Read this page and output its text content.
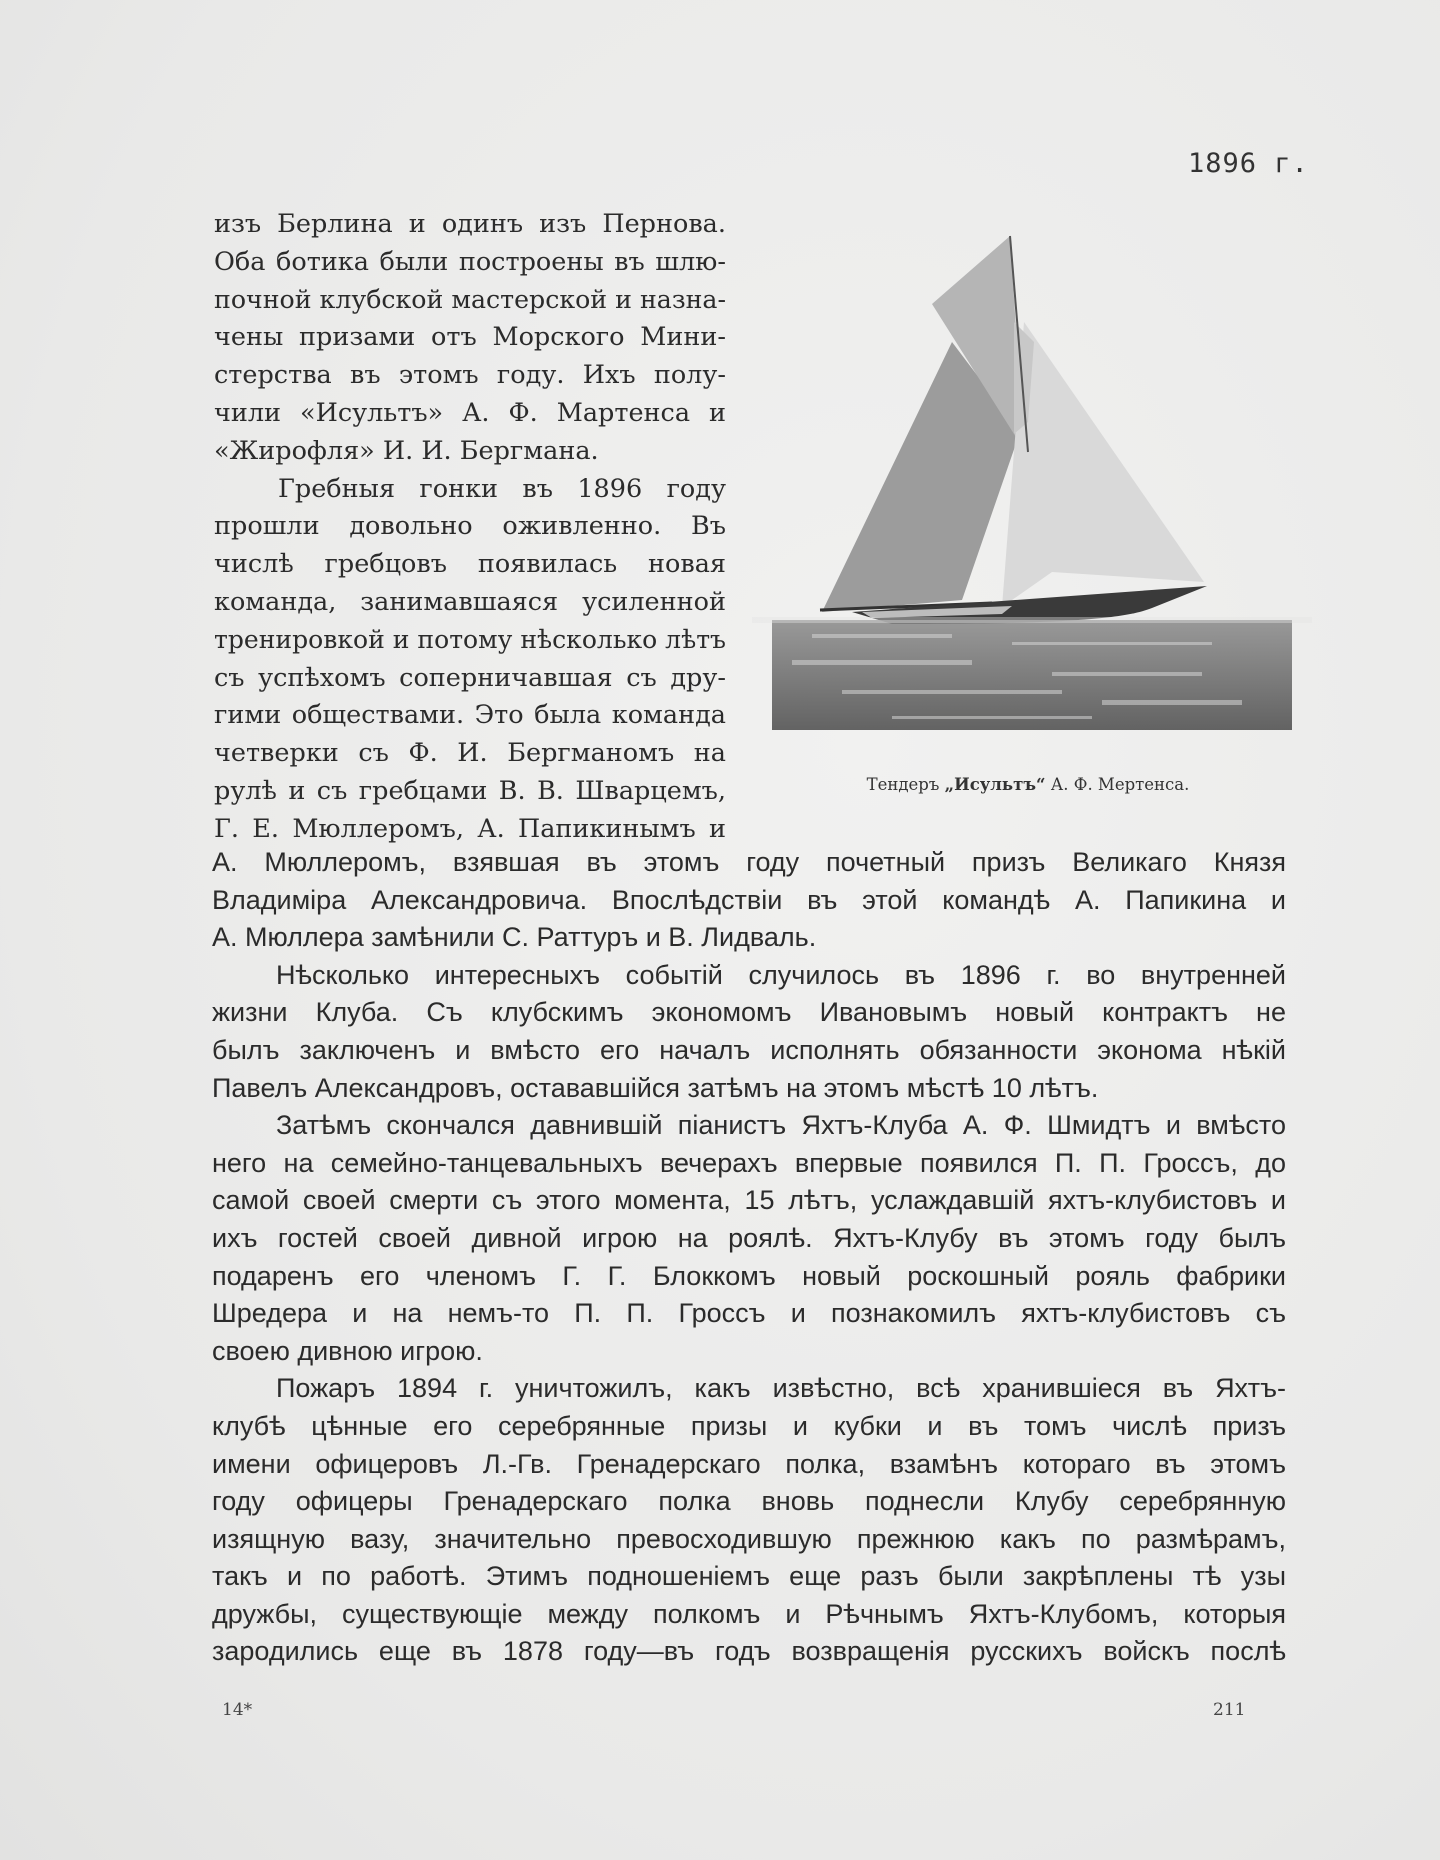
1896 г.
изъ Берлина и одинъ изъ Пернова.
Оба ботика были построены въ шлю-
почной клубской мастерской и назна-
чены призами отъ Морского Мини-
стерства въ этомъ году. Ихъ полу-
чили «Исультъ» А. Ф. Мартенса и
«Жирофля» И. И. Бергмана.
Гребныя гонки въ 1896 году
прошли довольно оживленно. Въ
числѣ гребцовъ появилась новая
команда, занимавшаяся усиленной
тренировкой и потому нѣсколько лѣтъ
съ успѣхомъ соперничавшая съ дру-
гими обществами. Это была команда
четверки съ Ф. И. Бергманомъ на
рулѣ и съ гребцами В. В. Шварцемъ,
Г. Е. Мюллеромъ, А. Папикинымъ и
Тендеръ „Исультъ“ А. Ф. Мертенса.
А. Мюллеромъ, взявшая въ этомъ году почетный призъ Великаго Князя
Владиміра Александровича. Впослѣдствіи въ этой командѣ А. Папикина и
А. Мюллера замѣнили С. Раттуръ и В. Лидваль.
Нѣсколько интересныхъ событій случилось въ 1896 г. во внутренней
жизни Клуба. Съ клубскимъ экономомъ Ивановымъ новый контрактъ не
былъ заключенъ и вмѣсто его началъ исполнять обязанности эконома нѣкій
Павелъ Александровъ, остававшійся затѣмъ на этомъ мѣстѣ 10 лѣтъ.
Затѣмъ скончался давнившій піанистъ Яхтъ-Клуба А. Ф. Шмидтъ и вмѣсто
него на семейно-танцевальныхъ вечерахъ впервые появился П. П. Гроссъ, до
самой своей смерти съ этого момента, 15 лѣтъ, услаждавшій яхтъ-клубистовъ и
ихъ гостей своей дивной игрою на роялѣ. Яхтъ-Клубу въ этомъ году былъ
подаренъ его членомъ Г. Г. Блоккомъ новый роскошный рояль фабрики
Шредера и на немъ-то П. П. Гроссъ и познакомилъ яхтъ-клубистовъ съ
своею дивною игрою.
Пожаръ 1894 г. уничтожилъ, какъ извѣстно, всѣ хранившіеся въ Яхтъ-
клубѣ цѣнные его серебрянные призы и кубки и въ томъ числѣ призъ
имени офицеровъ Л.-Гв. Гренадерскаго полка, взамѣнъ котораго въ этомъ
году офицеры Гренадерскаго полка вновь поднесли Клубу серебрянную
изящную вазу, значительно превосходившую прежнюю какъ по размѣрамъ,
такъ и по работѣ. Этимъ подношеніемъ еще разъ были закрѣплены тѣ узы
дружбы, существующіе между полкомъ и Рѣчнымъ Яхтъ-Клубомъ, которыя
зародились еще въ 1878 году—въ годъ возвращенія русскихъ войскъ послѣ
14*	211
